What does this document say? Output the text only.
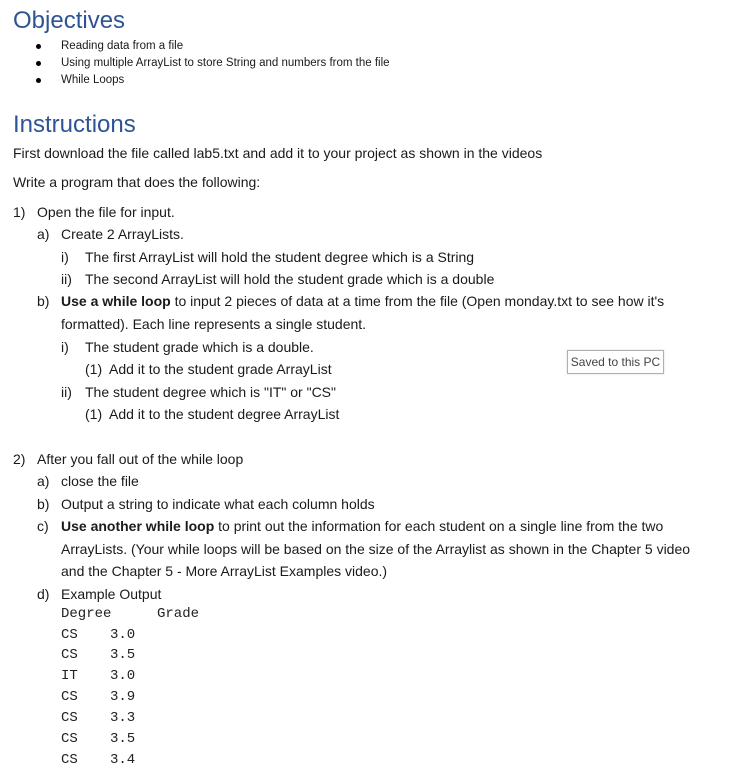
Objectives
Reading data from a file
Using multiple ArrayList to store String and numbers from the file
While Loops
Instructions
First download the file called lab5.txt and add it to your project as shown in the videos
Write a program that does the following:
1) Open the file for input.
a) Create 2 ArrayLists.
i) The first ArrayList will hold the student degree which is a String
ii) The second ArrayList will hold the student grade which is a double
b) Use a while loop to input 2 pieces of data at a time from the file (Open monday.txt to see how it's
formatted). Each line represents a single student.
i) The student grade which is a double.
(1) Add it to the student grade ArrayList
ii) The student degree which is "IT" or "CS"
(1) Add it to the student degree ArrayList
2) After you fall out of the while loop
a) close the file
b) Output a string to indicate what each column holds
c) Use another while loop to print out the information for each student on a single line from the two
ArrayLists. (Your while loops will be based on the size of the Arraylist as shown in the Chapter 5 video
and the Chapter 5 - More ArrayList Examples video.)
d) Example Output
Degree	Grade
CS 3.0
CS 3.5
IT 3.0
CS 3.9
CS 3.3
CS 3.5
CS 3.4
Saved to this PC
